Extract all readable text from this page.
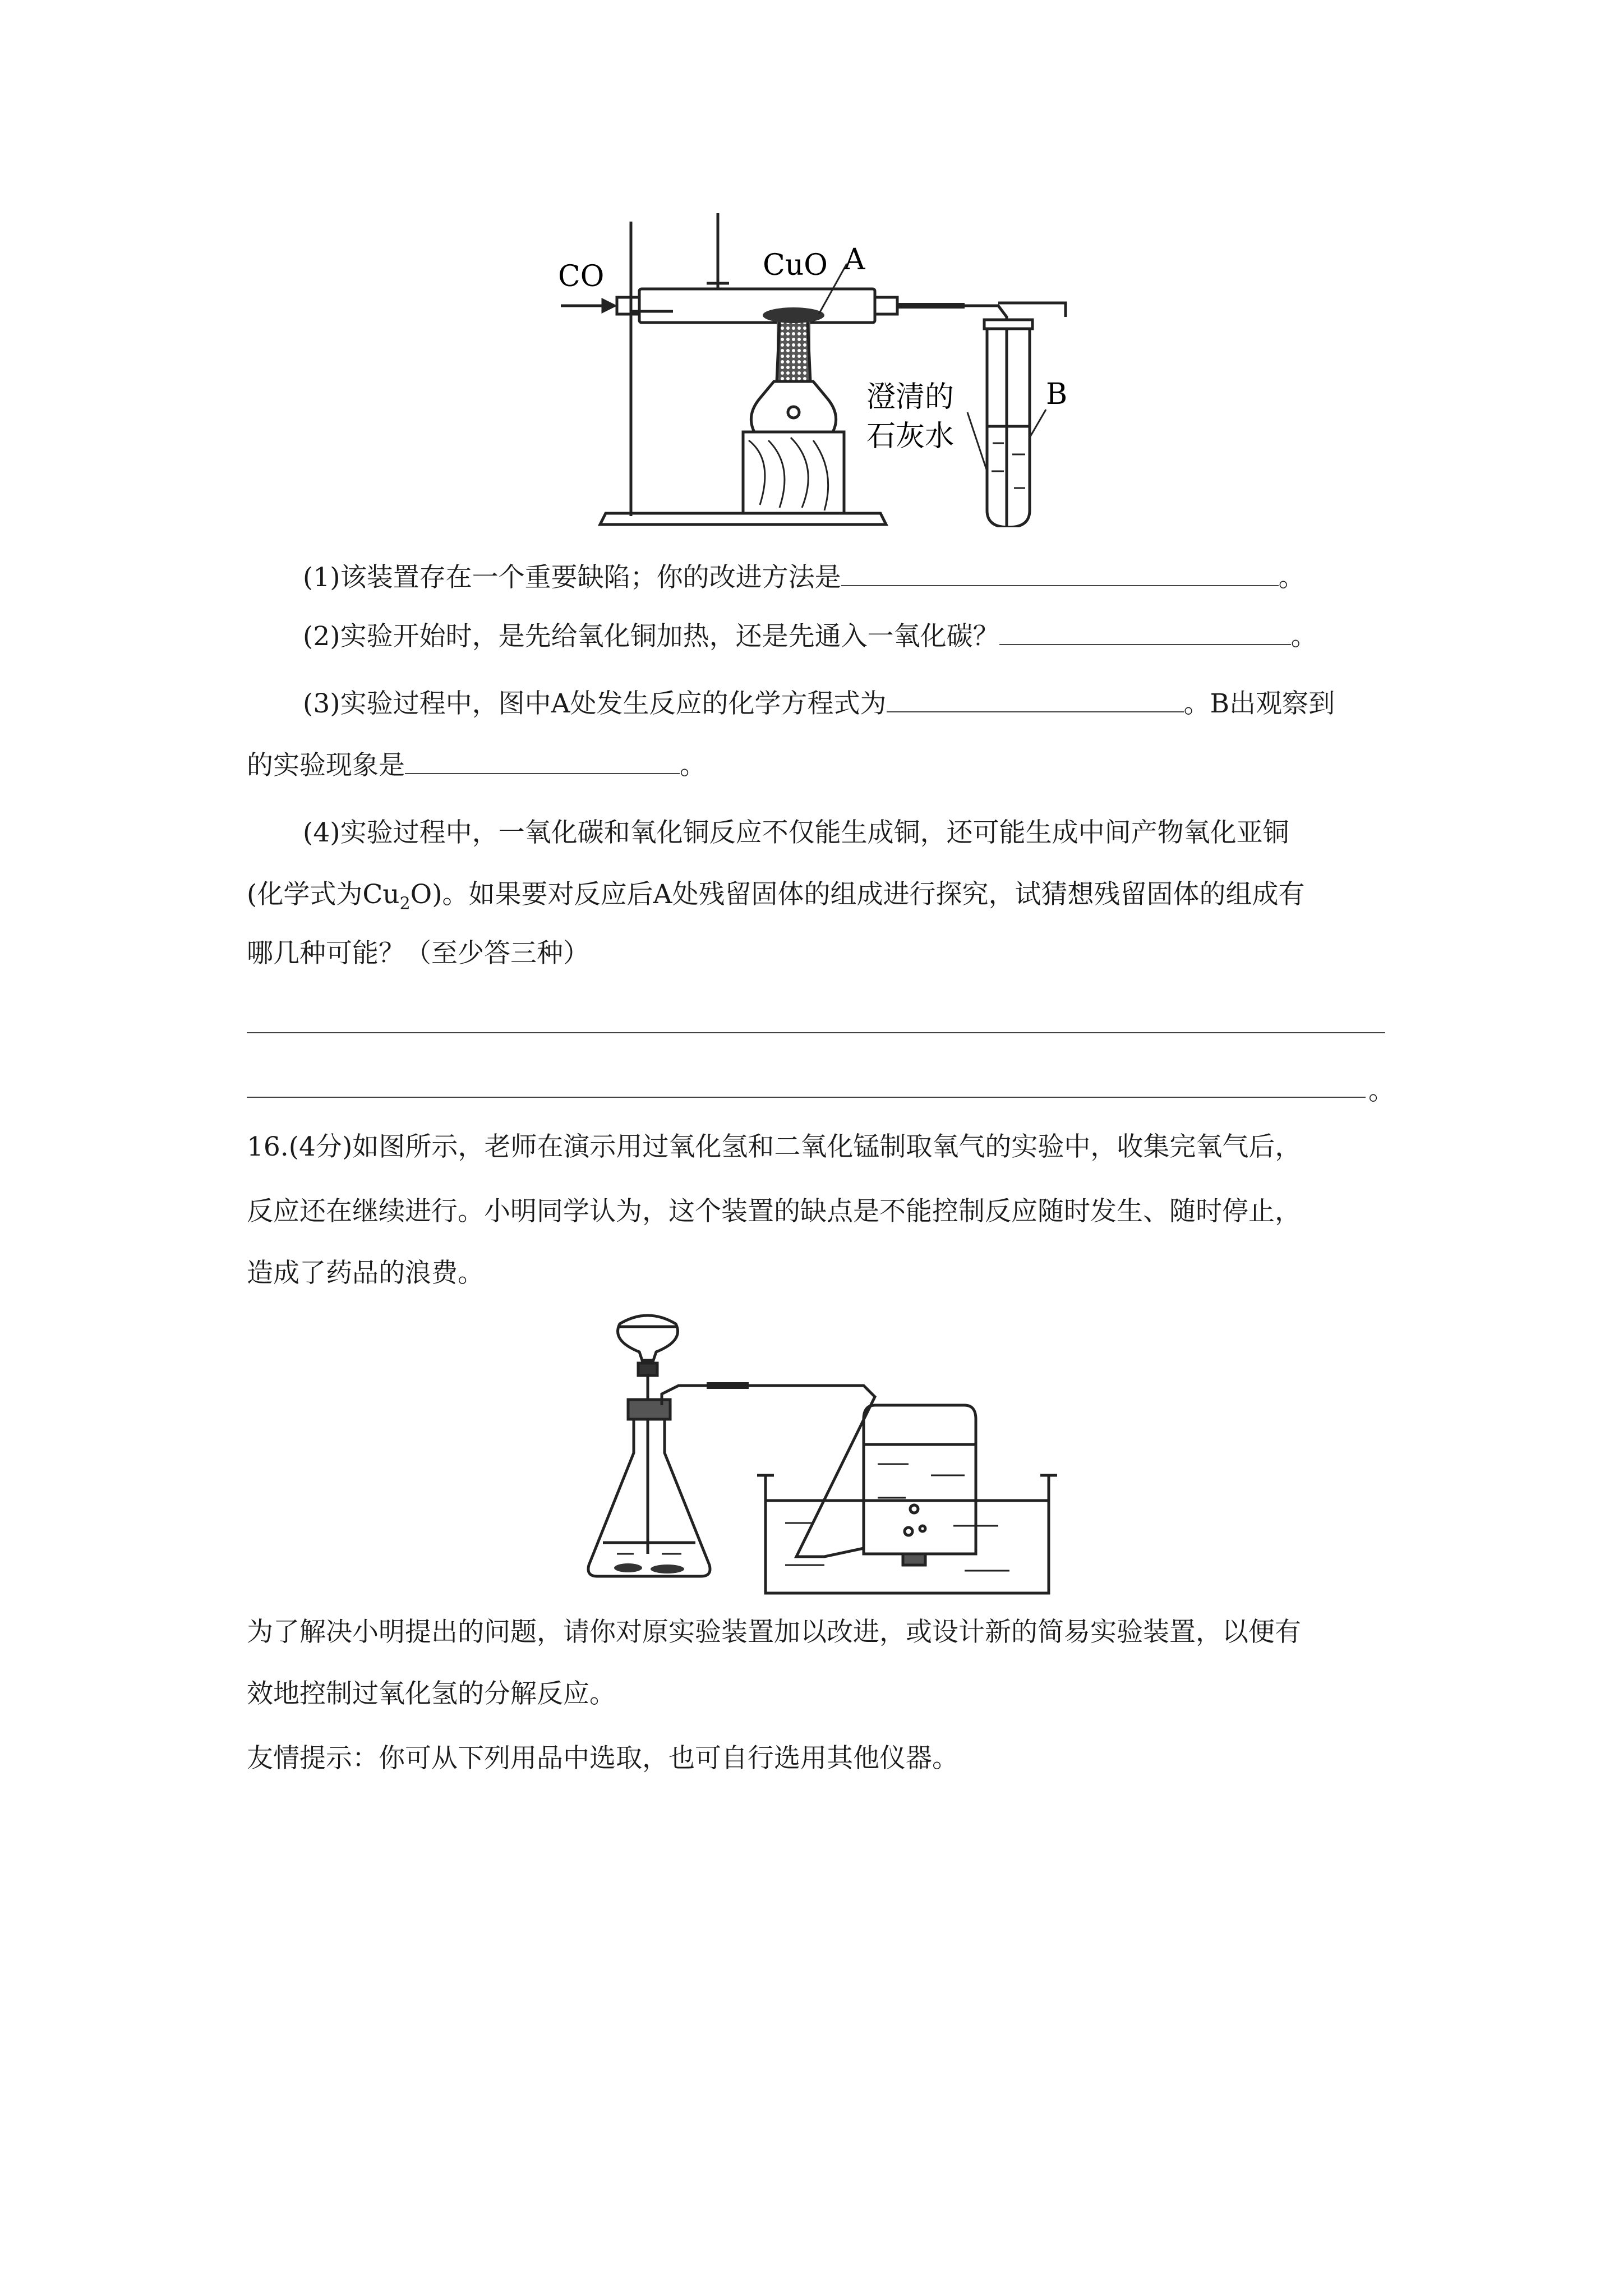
CO	CuO A
B
澄清的
石灰水
(1)该装置存在一个重要缺陷；你的改进方法是	。
(2)实验开始时，是先给氧化铜加热，还是先通入一氧化碳？	。
(3)实验过程中，图中A处发生反应的化学方程式为	。B出观察到
的实验现象是	。
(4)实验过程中，一氧化碳和氧化铜反应不仅能生成铜，还可能生成中间产物氧化亚铜
(化学式为$Cu_2O$)。如果要对反应后A处残留固体的组成进行探究，试猜想残留固体的组成有
哪几种可能？（至少答三种）
。
16.(4分)如图所示，老师在演示用过氧化氢和二氧化锰制取氧气的实验中，收集完氧气后，
反应还在继续进行。小明同学认为，这个装置的缺点是不能控制反应随时发生、随时停止，
造成了药品的浪费。
为了解决小明提出的问题，请你对原实验装置加以改进，或设计新的简易实验装置，以便有
效地控制过氧化氢的分解反应。
友情提示：你可从下列用品中选取，也可自行选用其他仪器。
